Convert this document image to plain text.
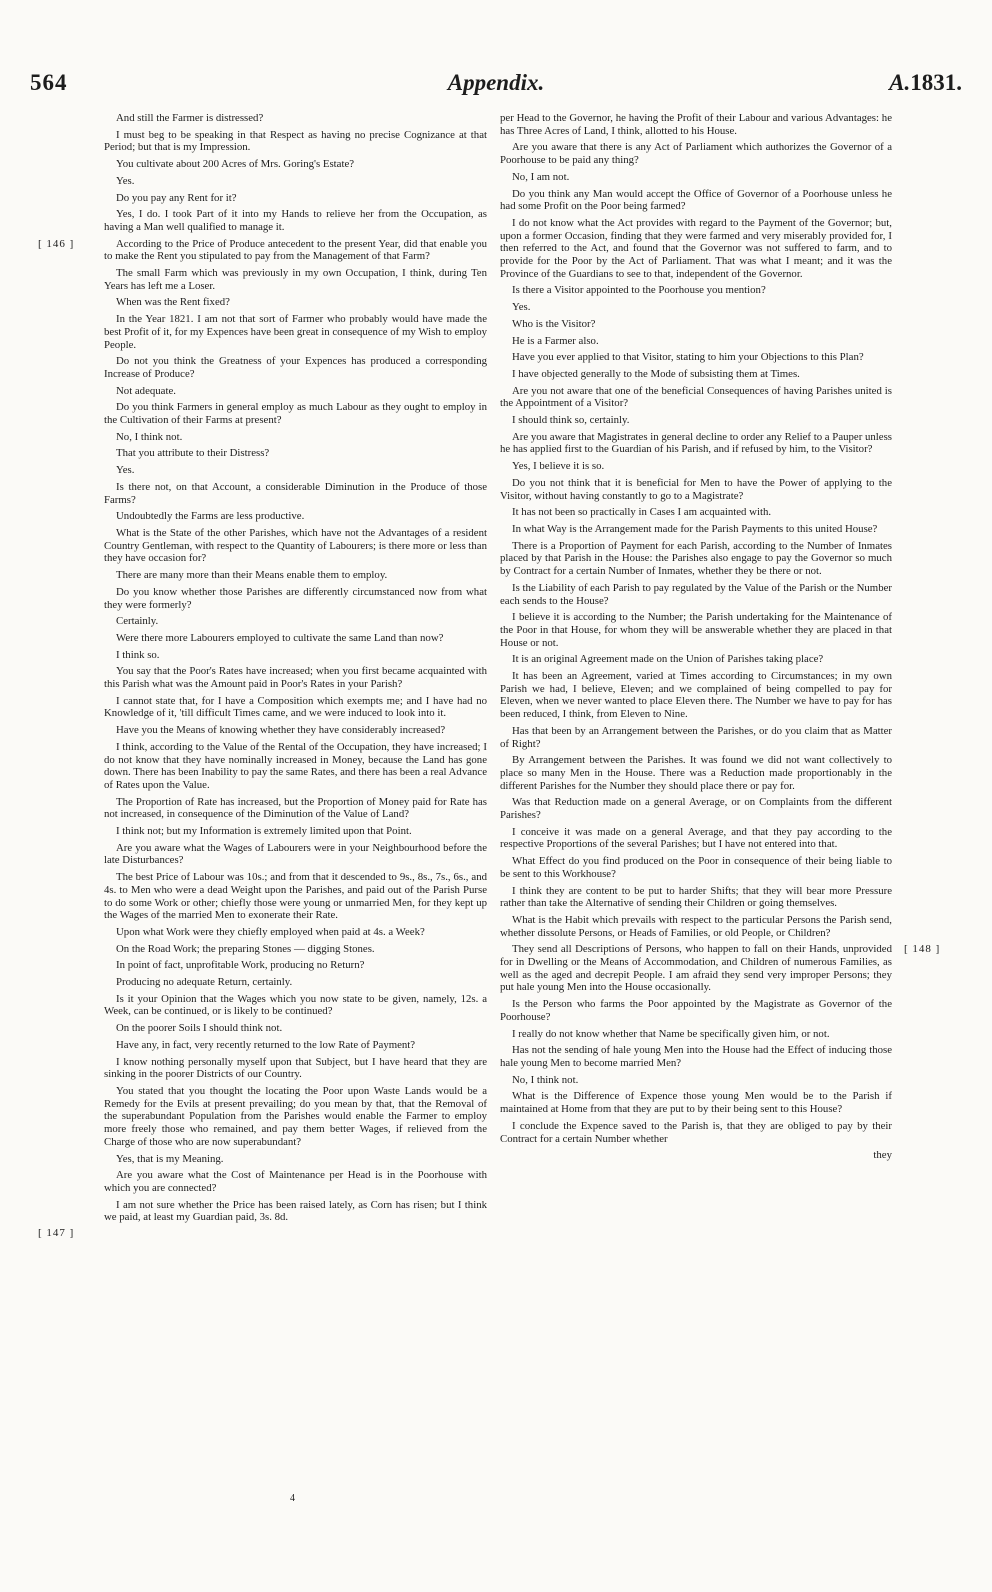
564	Appendix.	A.1831.
[ 146 ]
[ 147 ]
[ 148 ]

And still the Farmer is distressed?

I must beg to be speaking in that Respect as having no precise Cognizance at that Period; but that is my Impression.

You cultivate about 200 Acres of Mrs. Goring's Estate?

Yes.

Do you pay any Rent for it?

Yes, I do. I took Part of it into my Hands to relieve her from the Occupation, as having a Man well qualified to manage it.

According to the Price of Produce antecedent to the present Year, did that enable you to make the Rent you stipulated to pay from the Management of that Farm?

The small Farm which was previously in my own Occupation, I think, during Ten Years has left me a Loser.

When was the Rent fixed?

In the Year 1821. I am not that sort of Farmer who probably would have made the best Profit of it, for my Expences have been great in consequence of my Wish to employ People.

Do not you think the Greatness of your Expences has produced a corresponding Increase of Produce?

Not adequate.

Do you think Farmers in general employ as much Labour as they ought to employ in the Cultivation of their Farms at present?

No, I think not.

That you attribute to their Distress?

Yes.

Is there not, on that Account, a considerable Diminution in the Produce of those Farms?

Undoubtedly the Farms are less productive.

What is the State of the other Parishes, which have not the Advantages of a resident Country Gentleman, with respect to the Quantity of Labourers; is there more or less than they have occasion for?

There are many more than their Means enable them to employ.

Do you know whether those Parishes are differently circumstanced now from what they were formerly?

Certainly.

Were there more Labourers employed to cultivate the same Land than now?

I think so.

You say that the Poor's Rates have increased; when you first became acquainted with this Parish what was the Amount paid in Poor's Rates in your Parish?

I cannot state that, for I have a Composition which exempts me; and I have had no Knowledge of it, 'till difficult Times came, and we were induced to look into it.

Have you the Means of knowing whether they have considerably increased?

I think, according to the Value of the Rental of the Occupation, they have increased; I do not know that they have nominally increased in Money, because the Land has gone down. There has been Inability to pay the same Rates, and there has been a real Advance of Rates upon the Value.

The Proportion of Rate has increased, but the Proportion of Money paid for Rate has not increased, in consequence of the Diminution of the Value of Land?

I think not; but my Information is extremely limited upon that Point.

Are you aware what the Wages of Labourers were in your Neighbourhood before the late Disturbances?

The best Price of Labour was 10s.; and from that it descended to 9s., 8s., 7s., 6s., and 4s. to Men who were a dead Weight upon the Parishes, and paid out of the Parish Purse to do some Work or other; chiefly those were young or unmarried Men, for they kept up the Wages of the married Men to exonerate their Rate.

Upon what Work were they chiefly employed when paid at 4s. a Week?

On the Road Work; the preparing Stones — digging Stones.

In point of fact, unprofitable Work, producing no Return?

Producing no adequate Return, certainly.

Is it your Opinion that the Wages which you now state to be given, namely, 12s. a Week, can be continued, or is likely to be continued?

On the poorer Soils I should think not.

Have any, in fact, very recently returned to the low Rate of Payment?

I know nothing personally myself upon that Subject, but I have heard that they are sinking in the poorer Districts of our Country.

You stated that you thought the locating the Poor upon Waste Lands would be a Remedy for the Evils at present prevailing; do you mean by that, that the Removal of the superabundant Population from the Parishes would enable the Farmer to employ more freely those who remained, and pay them better Wages, if relieved from the Charge of those who are now superabundant?

Yes, that is my Meaning.

Are you aware what the Cost of Maintenance per Head is in the Poorhouse with which you are connected?

I am not sure whether the Price has been raised lately, as Corn has risen; but I think we paid, at least my Guardian paid, 3s. 8d.

per Head to the Governor, he having the Profit of their Labour and various Advantages: he has Three Acres of Land, I think, allotted to his House.

Are you aware that there is any Act of Parliament which authorizes the Governor of a Poorhouse to be paid any thing?

No, I am not.

Do you think any Man would accept the Office of Governor of a Poorhouse unless he had some Profit on the Poor being farmed?

I do not know what the Act provides with regard to the Payment of the Governor; but, upon a former Occasion, finding that they were farmed and very miserably provided for, I then referred to the Act, and found that the Governor was not suffered to farm, and to provide for the Poor by the Act of Parliament. That was what I meant; and it was the Province of the Guardians to see to that, independent of the Governor.

Is there a Visitor appointed to the Poorhouse you mention?

Yes.

Who is the Visitor?

He is a Farmer also.

Have you ever applied to that Visitor, stating to him your Objections to this Plan?

I have objected generally to the Mode of subsisting them at Times.

Are you not aware that one of the beneficial Consequences of having Parishes united is the Appointment of a Visitor?

I should think so, certainly.

Are you aware that Magistrates in general decline to order any Relief to a Pauper unless he has applied first to the Guardian of his Parish, and if refused by him, to the Visitor?

Yes, I believe it is so.

Do you not think that it is beneficial for Men to have the Power of applying to the Visitor, without having constantly to go to a Magistrate?

It has not been so practically in Cases I am acquainted with.

In what Way is the Arrangement made for the Parish Payments to this united House?

There is a Proportion of Payment for each Parish, according to the Number of Inmates placed by that Parish in the House: the Parishes also engage to pay the Governor so much by Contract for a certain Number of Inmates, whether they be there or not.

Is the Liability of each Parish to pay regulated by the Value of the Parish or the Number each sends to the House?

I believe it is according to the Number; the Parish undertaking for the Maintenance of the Poor in that House, for whom they will be answerable whether they are placed in that House or not.

It is an original Agreement made on the Union of Parishes taking place?

It has been an Agreement, varied at Times according to Circumstances; in my own Parish we had, I believe, Eleven; and we complained of being compelled to pay for Eleven, when we never wanted to place Eleven there. The Number we have to pay for has been reduced, I think, from Eleven to Nine.

Has that been by an Arrangement between the Parishes, or do you claim that as Matter of Right?

By Arrangement between the Parishes. It was found we did not want collectively to place so many Men in the House. There was a Reduction made proportionably in the different Parishes for the Number they should place there or pay for.

Was that Reduction made on a general Average, or on Complaints from the different Parishes?

I conceive it was made on a general Average, and that they pay according to the respective Proportions of the several Parishes; but I have not entered into that.

What Effect do you find produced on the Poor in consequence of their being liable to be sent to this Workhouse?

I think they are content to be put to harder Shifts; that they will bear more Pressure rather than take the Alternative of sending their Children or going themselves.

What is the Habit which prevails with respect to the particular Persons the Parish send, whether dissolute Persons, or Heads of Families, or old People, or Children?

They send all Descriptions of Persons, who happen to fall on their Hands, unprovided for in Dwelling or the Means of Accommodation, and Children of numerous Families, as well as the aged and decrepit People. I am afraid they send very improper Persons; they put hale young Men into the House occasionally.

Is the Person who farms the Poor appointed by the Magistrate as Governor of the Poorhouse?

I really do not know whether that Name be specifically given him, or not.

Has not the sending of hale young Men into the House had the Effect of inducing those hale young Men to become married Men?

No, I think not.

What is the Difference of Expence those young Men would be to the Parish if maintained at Home from that they are put to by their being sent to this House?

I conclude the Expence saved to the Parish is, that they are obliged to pay by their Contract for a certain Number whether

they

4
